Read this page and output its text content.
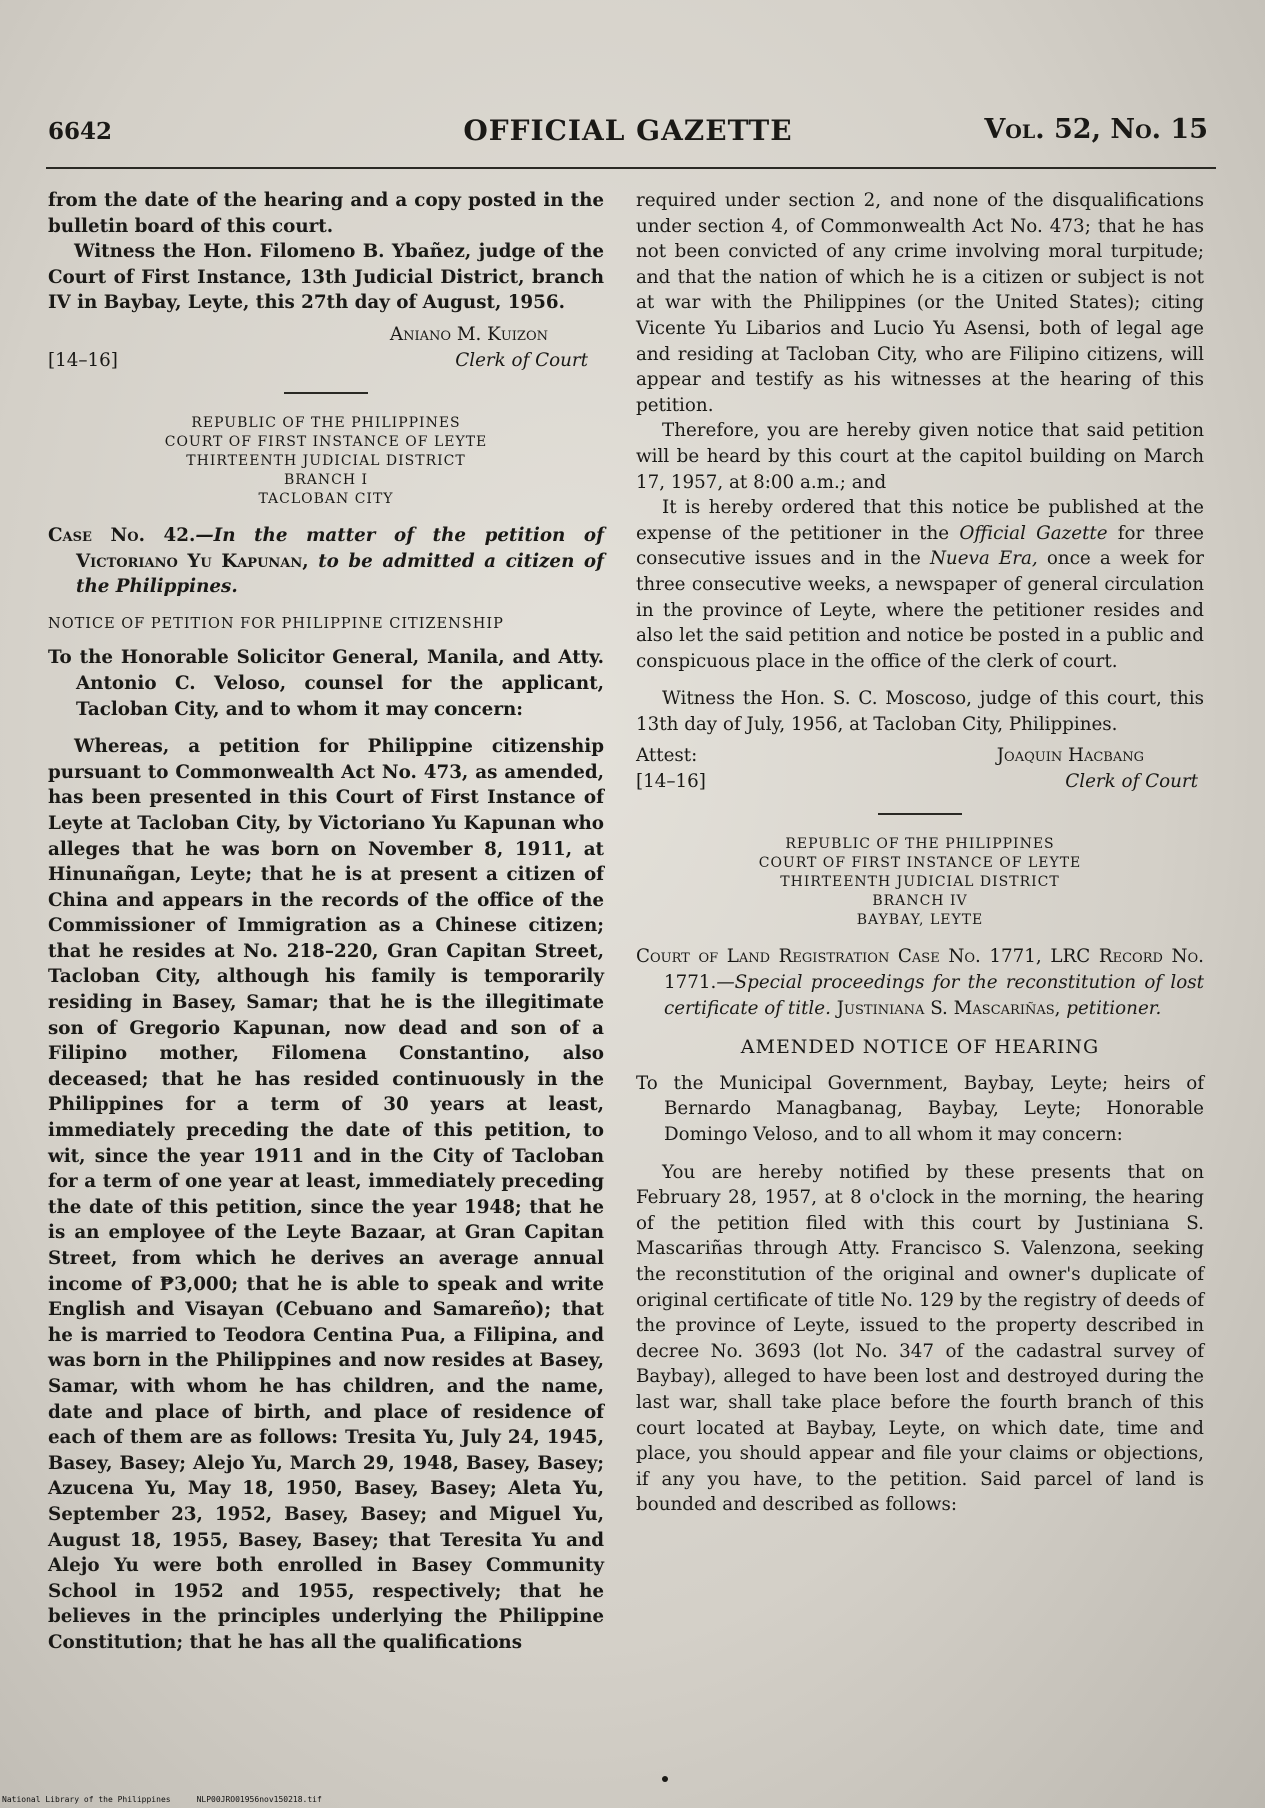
6642	OFFICIAL GAZETTE	Vol. 52, No. 15

from the date of the hearing and a copy posted in the bulletin board of this court.

Witness the Hon. Filomeno B. Ybañez, judge of the Court of First Instance, 13th Judicial District, branch IV in Baybay, Leyte, this 27th day of August, 1956.

Aniano M. Kuizon
[14–16]	Clerk of Court
REPUBLIC OF THE PHILIPPINES
COURT OF FIRST INSTANCE OF LEYTE
THIRTEENTH JUDICIAL DISTRICT
BRANCH I
TACLOBAN CITY

Case No. 42.—In the matter of the petition of Victoriano Yu Kapunan, to be admitted a citizen of the Philippines.

NOTICE OF PETITION FOR PHILIPPINE CITIZENSHIP

To the Honorable Solicitor General, Manila, and Atty. Antonio C. Veloso, counsel for the applicant, Tacloban City, and to whom it may concern:

Whereas, a petition for Philippine citizenship pursuant to Commonwealth Act No. 473, as amended, has been presented in this Court of First Instance of Leyte at Tacloban City, by Victoriano Yu Kapunan who alleges that he was born on November 8, 1911, at Hinunañgan, Leyte; that he is at present a citizen of China and appears in the records of the office of the Commissioner of Immigration as a Chinese citizen; that he resides at No. 218–220, Gran Capitan Street, Tacloban City, although his family is temporarily residing in Basey, Samar; that he is the illegitimate son of Gregorio Kapunan, now dead and son of a Filipino mother, Filomena Constantino, also deceased; that he has resided continuously in the Philippines for a term of 30 years at least, immediately preceding the date of this petition, to wit, since the year 1911 and in the City of Tacloban for a term of one year at least, immediately preceding the date of this petition, since the year 1948; that he is an employee of the Leyte Bazaar, at Gran Capitan Street, from which he derives an average annual income of ₱3,000; that he is able to speak and write English and Visayan (Cebuano and Samareño); that he is married to Teodora Centina Pua, a Filipina, and was born in the Philippines and now resides at Basey, Samar, with whom he has children, and the name, date and place of birth, and place of residence of each of them are as follows: Tresita Yu, July 24, 1945, Basey, Basey; Alejo Yu, March 29, 1948, Basey, Basey; Azucena Yu, May 18, 1950, Basey, Basey; Aleta Yu, September 23, 1952, Basey, Basey; and Miguel Yu, August 18, 1955, Basey, Basey; that Teresita Yu and Alejo Yu were both enrolled in Basey Community School in 1952 and 1955, respectively; that he believes in the principles underlying the Philippine Constitution; that he has all the qualifications

required under section 2, and none of the disqualifications under section 4, of Commonwealth Act No. 473; that he has not been convicted of any crime involving moral turpitude; and that the nation of which he is a citizen or subject is not at war with the Philippines (or the United States); citing Vicente Yu Libarios and Lucio Yu Asensi, both of legal age and residing at Tacloban City, who are Filipino citizens, will appear and testify as his witnesses at the hearing of this petition.

Therefore, you are hereby given notice that said petition will be heard by this court at the capitol building on March 17, 1957, at 8:00 a.m.; and

It is hereby ordered that this notice be published at the expense of the petitioner in the Official Gazette for three consecutive issues and in the Nueva Era, once a week for three consecutive weeks, a newspaper of general circulation in the province of Leyte, where the petitioner resides and also let the said petition and notice be posted in a public and conspicuous place in the office of the clerk of court.

Witness the Hon. S. C. Moscoso, judge of this court, this 13th day of July, 1956, at Tacloban City, Philippines.

Attest:	Joaquin Hacbang
[14–16]	Clerk of Court
REPUBLIC OF THE PHILIPPINES
COURT OF FIRST INSTANCE OF LEYTE
THIRTEENTH JUDICIAL DISTRICT
BRANCH IV
BAYBAY, LEYTE

Court of Land Registration Case No. 1771, LRC Record No. 1771.—Special proceedings for the reconstitution of lost certificate of title. Justiniana S. Mascariñas, petitioner.

AMENDED NOTICE OF HEARING

To the Municipal Government, Baybay, Leyte; heirs of Bernardo Managbanag, Baybay, Leyte; Honorable Domingo Veloso, and to all whom it may concern:

You are hereby notified by these presents that on February 28, 1957, at 8 o'clock in the morning, the hearing of the petition filed with this court by Justiniana S. Mascariñas through Atty. Francisco S. Valenzona, seeking the reconstitution of the original and owner's duplicate of original certificate of title No. 129 by the registry of deeds of the province of Leyte, issued to the property described in decree No. 3693 (lot No. 347 of the cadastral survey of Baybay), alleged to have been lost and destroyed during the last war, shall take place before the fourth branch of this court located at Baybay, Leyte, on which date, time and place, you should appear and file your claims or objections, if any you have, to the petition. Said parcel of land is bounded and described as follows:

National Library of the Philippines	NLP00JRO01956nov150218.tif
